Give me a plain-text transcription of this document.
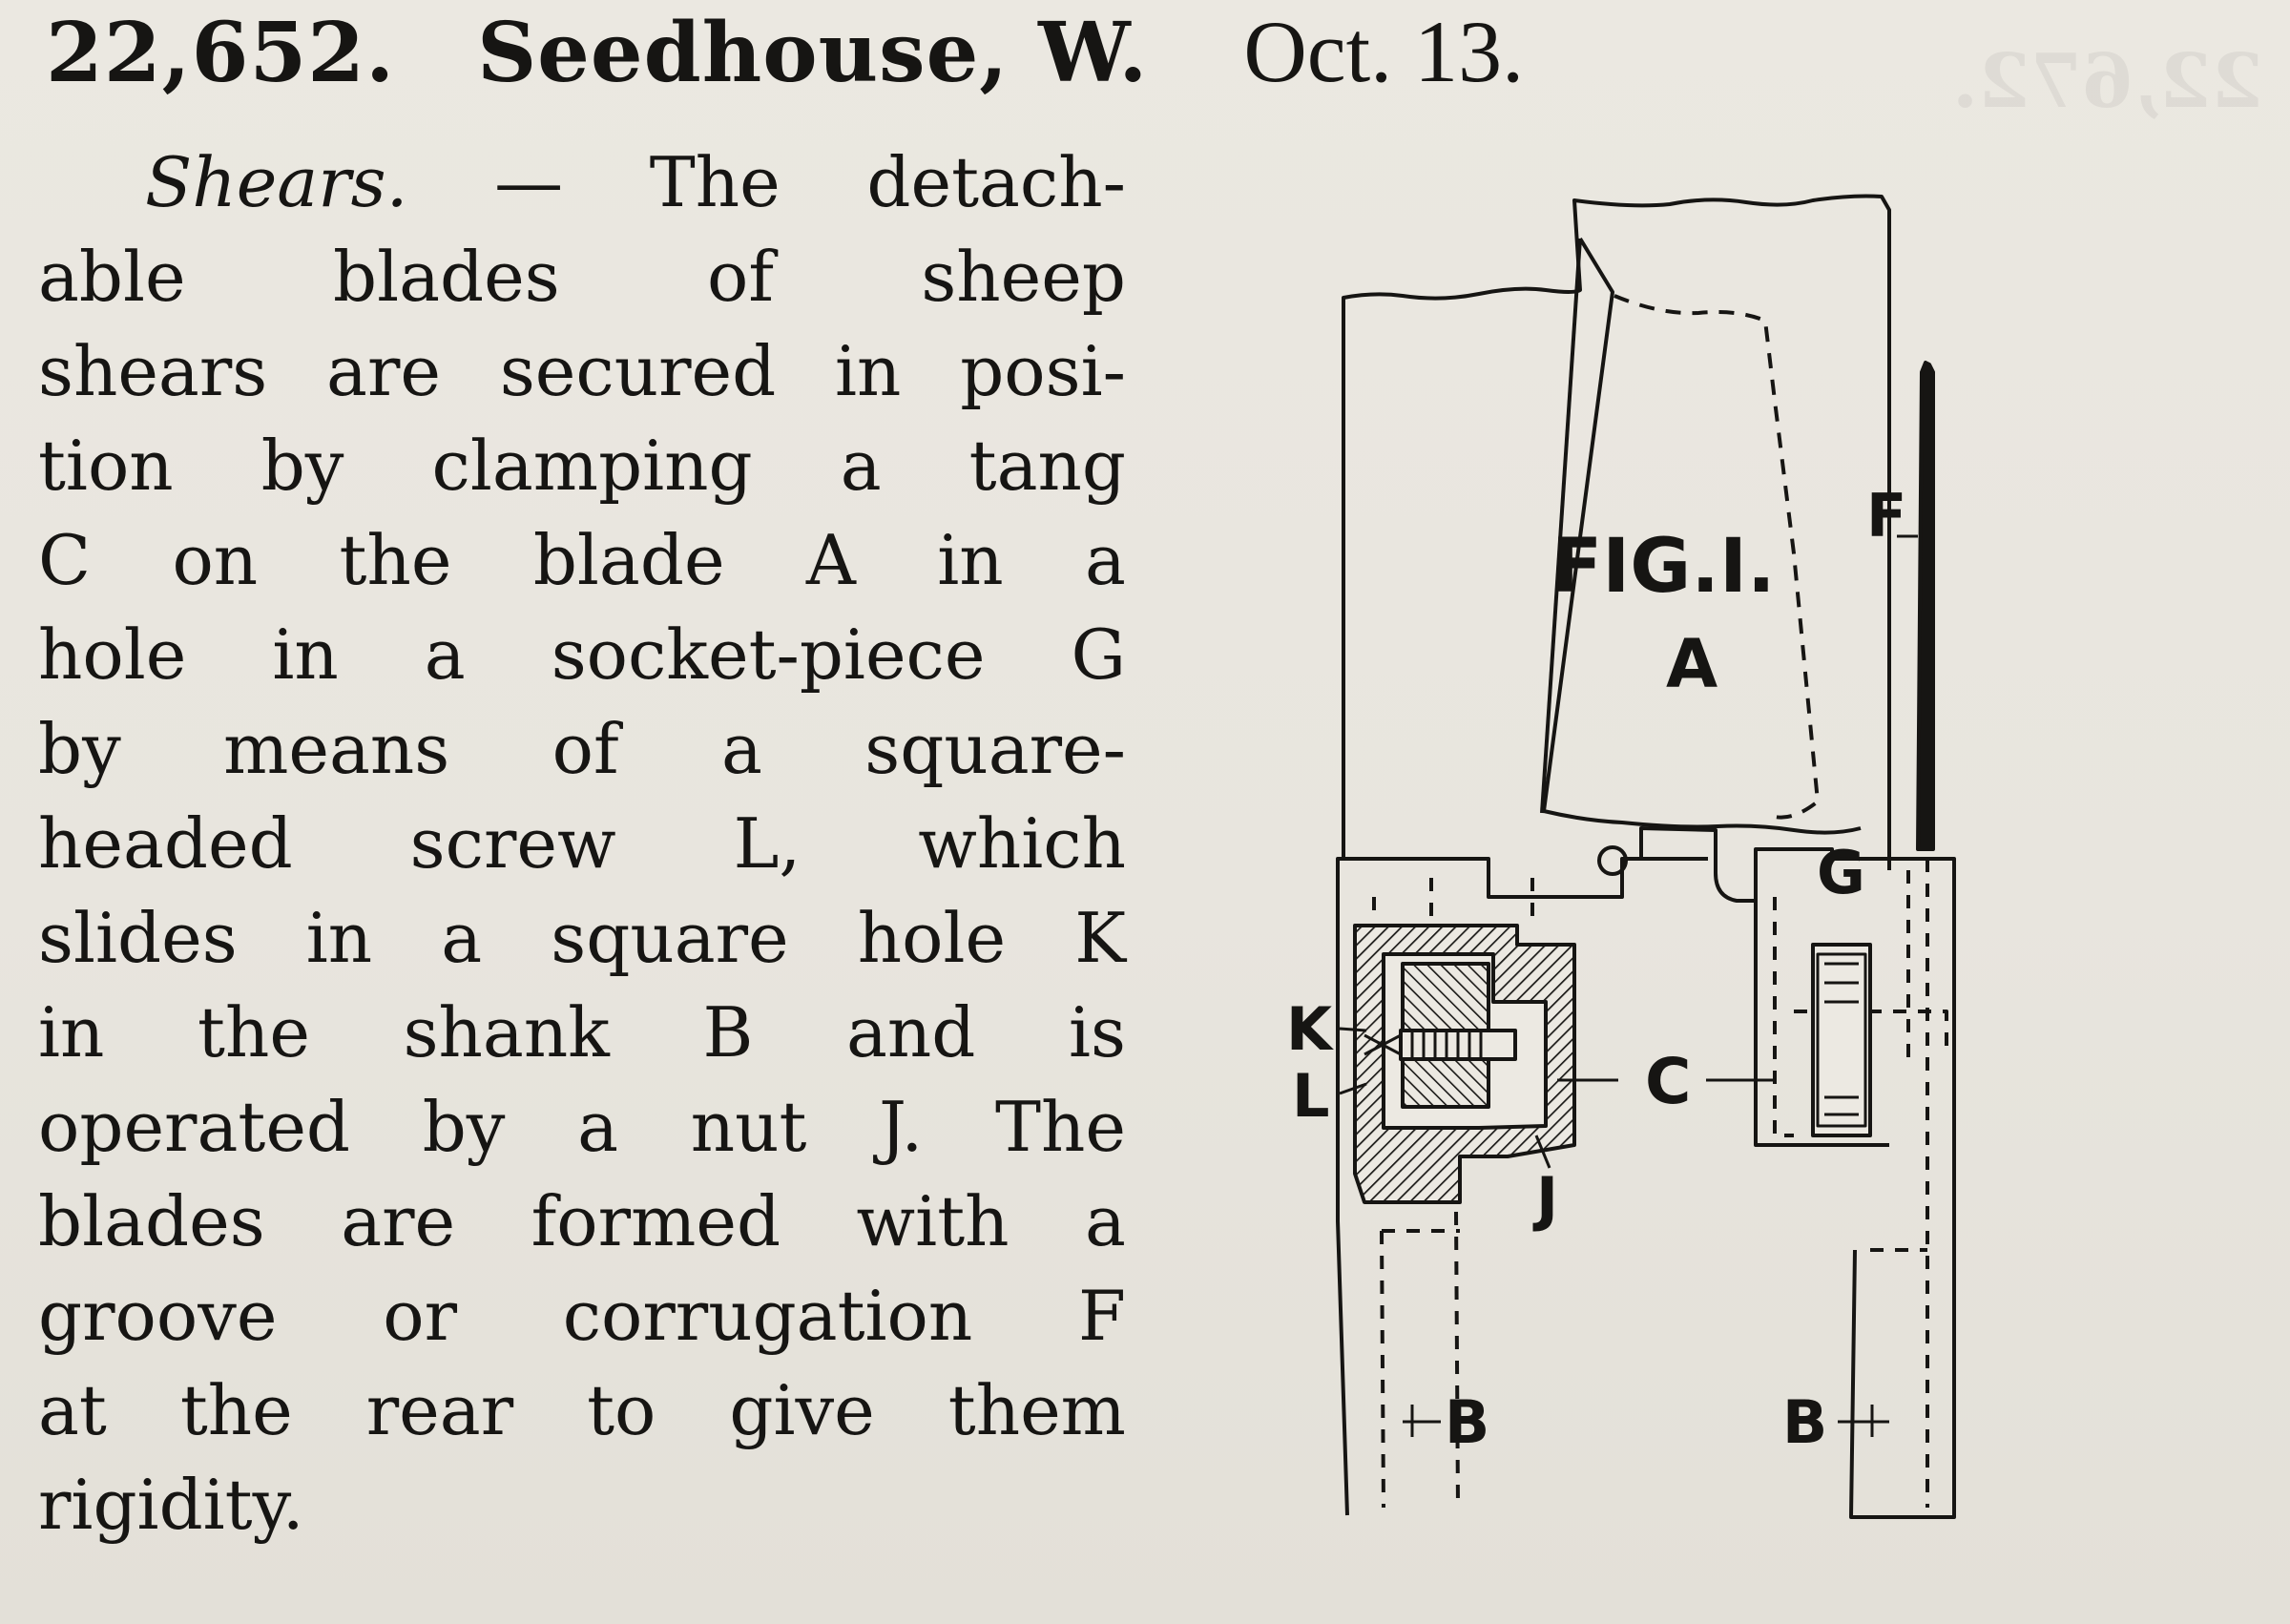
22,672.
22,652. Seedhouse, W. Oct. 13.
Shears. — The detach-
able blades of sheep
shears are secured in posi-
tion by clamping a tang
C on the blade A in a
hole in a socket-piece G
by means of a square-
headed screw L, which
slides in a square hole K
in the shank B and is
operated by a nut J. The
blades are formed with a
groove or corrugation F
at the rear to give them
rigidity.
FIG.I.
A
F
G
K
L	C
J
B	B
